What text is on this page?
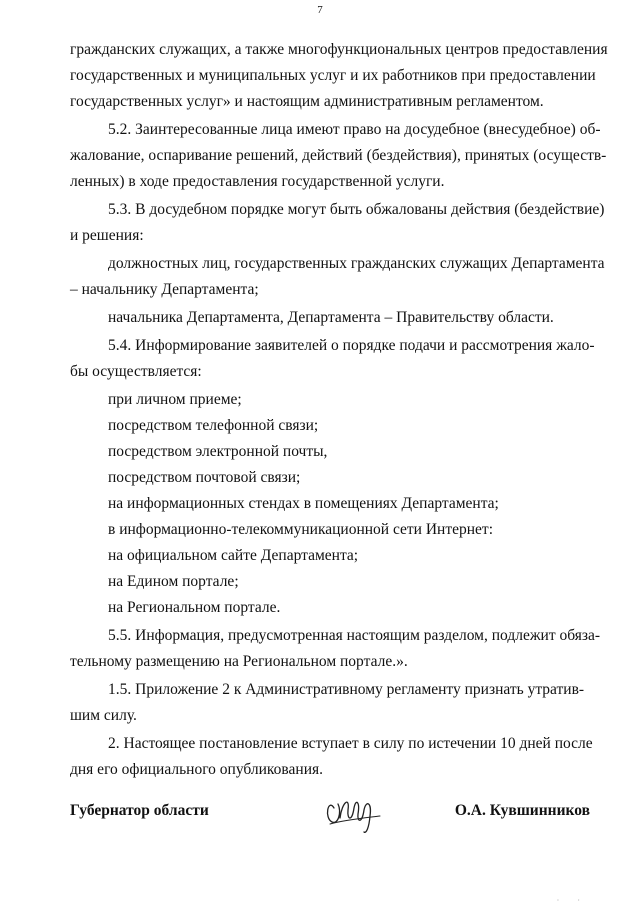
7
гражданских служащих, а также многофункциональных центров предоставления
государственных и муниципальных услуг и их работников при предоставлении
государственных услуг» и настоящим административным регламентом.
5.2. Заинтересованные лица имеют право на досудебное (внесудебное) об-
жалование, оспаривание решений, действий (бездействия), принятых (осуществ-
ленных) в ходе предоставления государственной услуги.
5.3. В досудебном порядке могут быть обжалованы действия (бездействие)
и решения:
должностных лиц, государственных гражданских служащих Департамента
– начальнику Департамента;
начальника Департамента, Департамента – Правительству области.
5.4. Информирование заявителей о порядке подачи и рассмотрения жало-
бы осуществляется:
при личном приеме;
посредством телефонной связи;
посредством электронной почты,
посредством почтовой связи;
на информационных стендах в помещениях Департамента;
в информационно-телекоммуникационной сети Интернет:
на официальном сайте Департамента;
на Едином портале;
на Региональном портале.
5.5. Информация, предусмотренная настоящим разделом, подлежит обяза-
тельному размещению на Региональном портале.».
1.5. Приложение 2 к Административному регламенту признать утратив-
шим силу.
2. Настоящее постановление вступает в силу по истечении 10 дней после
дня его официального опубликования.
Губернатор области	О.А. Кувшинников
· ·
